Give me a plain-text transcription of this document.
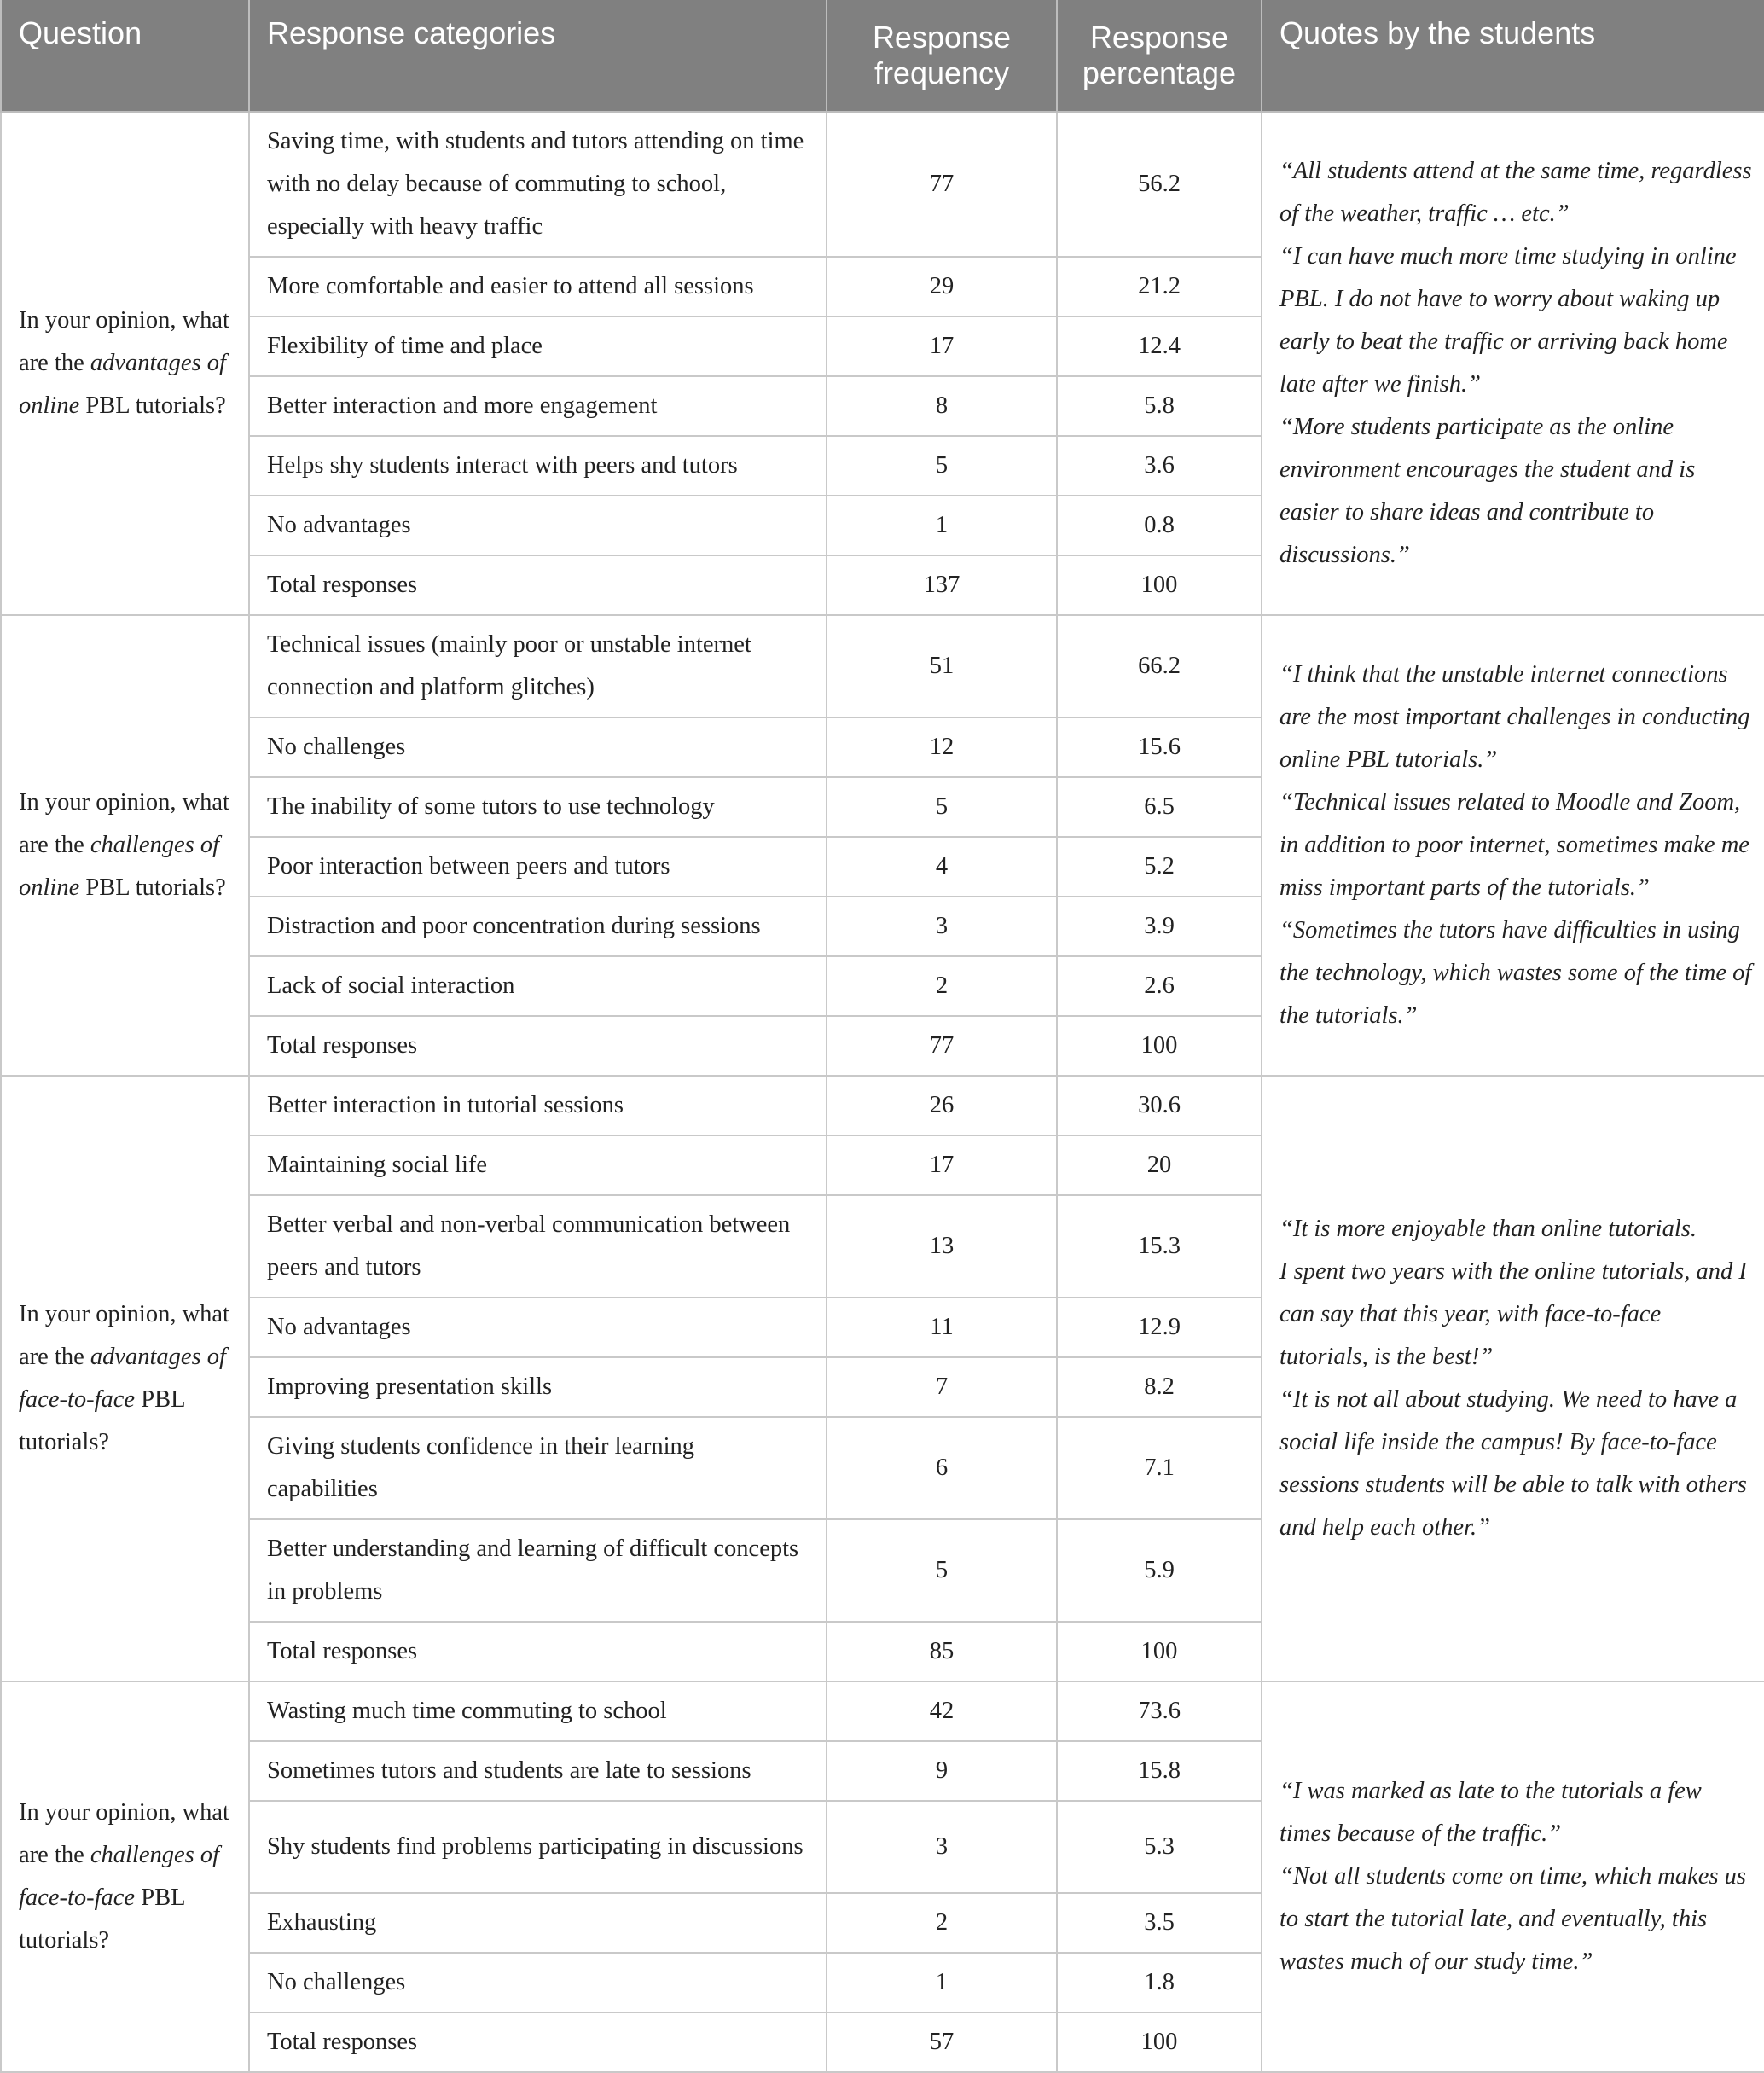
Question	Response categories	Response frequency	Response percentage	Quotes by the students
In your opinion, what are the advantages of online PBL tutorials?	Saving time, with students and tutors attending on time with no delay because of commuting to school, especially with heavy traffic	77	56.2	“All students attend at the same time, regardless of the weather, traffic … etc.”
“I can have much more time studying in online PBL. I do not have to worry about waking up early to beat the traffic or arriving back home late after we finish.”
“More students participate as the online environment encourages the student and is easier to share ideas and contribute to discussions.”

	More comfortable and easier to attend all sessions	29	21.2	
	Flexibility of time and place	17	12.4	
	Better interaction and more engagement	8	5.8	
	Helps shy students interact with peers and tutors	5	3.6	
	No advantages	1	0.8	
	Total responses	137	100	
In your opinion, what are the challenges of online PBL tutorials?	Technical issues (mainly poor or unstable internet connection and platform glitches)	51	66.2	“I think that the unstable internet connections are the most important challenges in conducting online PBL tutorials.”
“Technical issues related to Moodle and Zoom, in addition to poor internet, sometimes make me miss important parts of the tutorials.”
“Sometimes the tutors have difficulties in using the technology, which wastes some of the time of the tutorials.”

	No challenges	12	15.6	
	The inability of some tutors to use technology	5	6.5	
	Poor interaction between peers and tutors	4	5.2	
	Distraction and poor concentration during sessions	3	3.9	
	Lack of social interaction	2	2.6	
	Total responses	77	100	
In your opinion, what are the advantages of face-to-face PBL tutorials?	Better interaction in tutorial sessions	26	30.6	“It is more enjoyable than online tutorials.
I spent two years with the online tutorials, and I can say that this year, with face-to-face tutorials, is the best!”
“It is not all about studying. We need to have a social life inside the campus! By face-to-face sessions students will be able to talk with others and help each other.”

	Maintaining social life	17	20	
	Better verbal and non-verbal communication between peers and tutors	13	15.3	
	No advantages	11	12.9	
	Improving presentation skills	7	8.2	
	Giving students confidence in their learning capabilities	6	7.1	
	Better understanding and learning of difficult concepts in problems	5	5.9	
	Total responses	85	100	
In your opinion, what are the challenges of face-to-face PBL tutorials?	Wasting much time commuting to school	42	73.6	“I was marked as late to the tutorials a few times because of the traffic.”
“Not all students come on time, which makes us to start the tutorial late, and eventually, this wastes much of our study time.”

	Sometimes tutors and students are late to sessions	9	15.8	
	Shy students find problems participating in discussions	3	5.3	
	Exhausting	2	3.5	
	No challenges	1	1.8	
	Total responses	57	100	
